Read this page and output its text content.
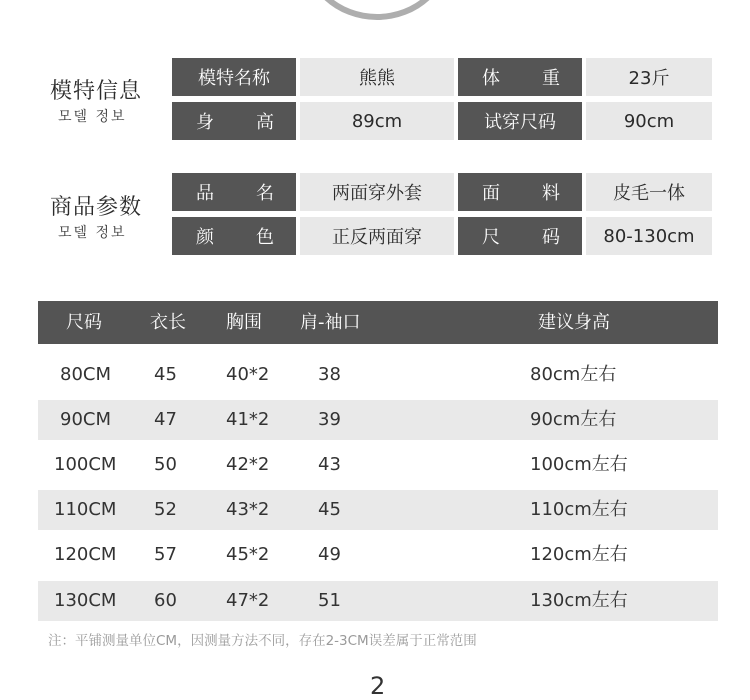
模特信息
모델 정보
模特名称	熊熊	体 重	23斤
身 高	89cm	试穿尺码	90cm
商品参数
모델 정보
品 名	两面穿外套	面 料	皮毛一体
颜 色	正反两面穿	尺 码	80-130cm
尺码	衣长 胸围 肩-袖口	建议身高
80CM 45	40*2	38	80cm左右
90CM 47	41*2	39	90cm左右
100CM 50	42*2	43	100cm左右
110CM 52	43*2	45	110cm左右
120CM 57	45*2	49	120cm左右
130CM 60	47*2	51	130cm左右
注：平铺测量单位CM，因测量方法不同，存在2-3CM误差属于正常范围
2
